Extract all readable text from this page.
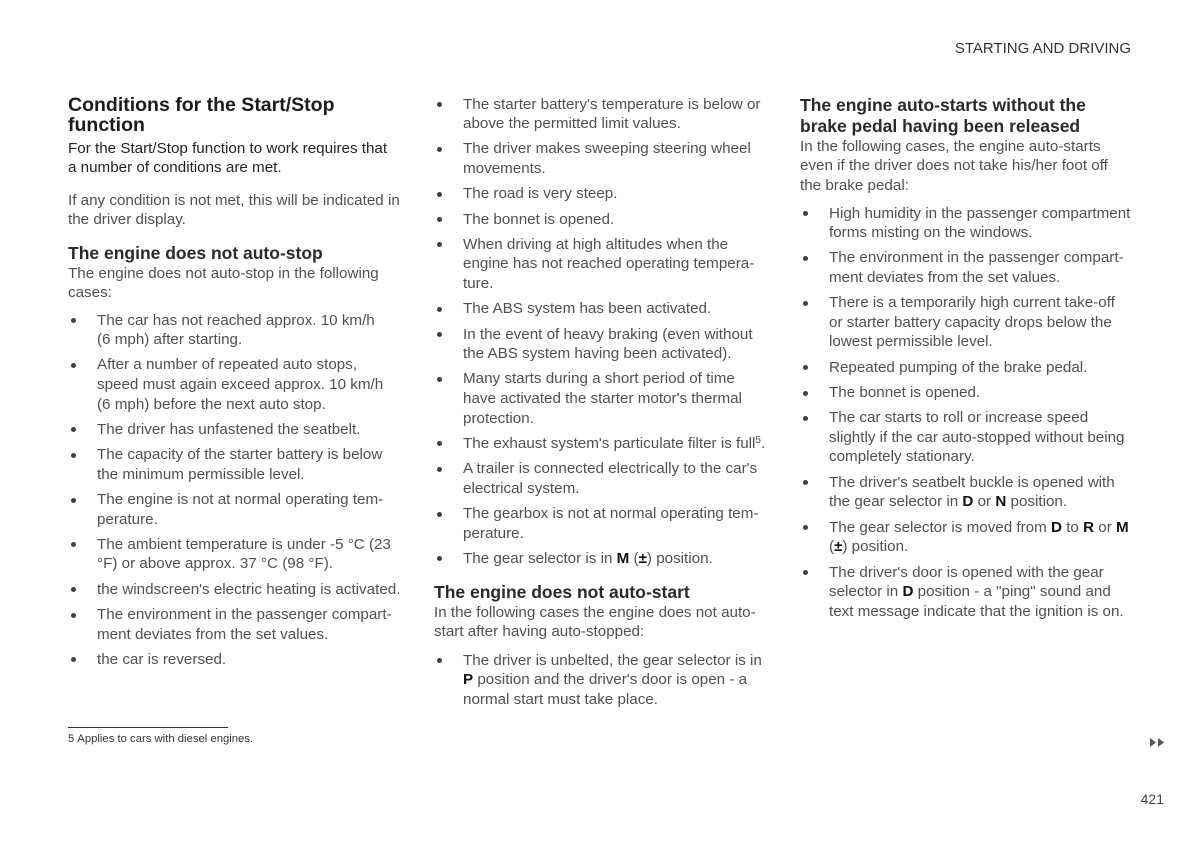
STARTING AND DRIVING
Conditions for the Start/Stop
function

For the Start/Stop function to work requires that
a number of conditions are met.

If any condition is not met, this will be indicated in
the driver display.

The engine does not auto-stop

The engine does not auto-stop in the following
cases:

The car has not reached approx. 10 km/h
(6 mph) after starting.
After a number of repeated auto stops,
speed must again exceed approx. 10 km/h
(6 mph) before the next auto stop.
The driver has unfastened the seatbelt.
The capacity of the starter battery is below
the minimum permissible level.
The engine is not at normal operating tem-
perature.
The ambient temperature is under -5 °C (23
°F) or above approx. 37 °C (98 °F).
the windscreen's electric heating is activated.
The environment in the passenger compart-
ment deviates from the set values.
the car is reversed.
The starter battery's temperature is below or
above the permitted limit values.
The driver makes sweeping steering wheel
movements.
The road is very steep.
The bonnet is opened.
When driving at high altitudes when the
engine has not reached operating tempera-
ture.
The ABS system has been activated.
In the event of heavy braking (even without
the ABS system having been activated).
Many starts during a short period of time
have activated the starter motor's thermal
protection.
The exhaust system's particulate filter is full$^5$.
A trailer is connected electrically to the car's
electrical system.
The gearbox is not at normal operating tem-
perature.
The gear selector is in M (±) position.
The engine does not auto-start

In the following cases the engine does not auto-
start after having auto-stopped:

The driver is unbelted, the gear selector is in
P position and the driver's door is open - a
normal start must take place.
The engine auto-starts without the
brake pedal having been released

In the following cases, the engine auto-starts
even if the driver does not take his/her foot off
the brake pedal:

High humidity in the passenger compartment
forms misting on the windows.
The environment in the passenger compart-
ment deviates from the set values.
There is a temporarily high current take-off
or starter battery capacity drops below the
lowest permissible level.
Repeated pumping of the brake pedal.
The bonnet is opened.
The car starts to roll or increase speed
slightly if the car auto-stopped without being
completely stationary.
The driver's seatbelt buckle is opened with
the gear selector in D or N position.
The gear selector is moved from D to R or M
(±) position.
The driver's door is opened with the gear
selector in D position - a "ping" sound and
text message indicate that the ignition is on.
5 Applies to cars with diesel engines.
421
